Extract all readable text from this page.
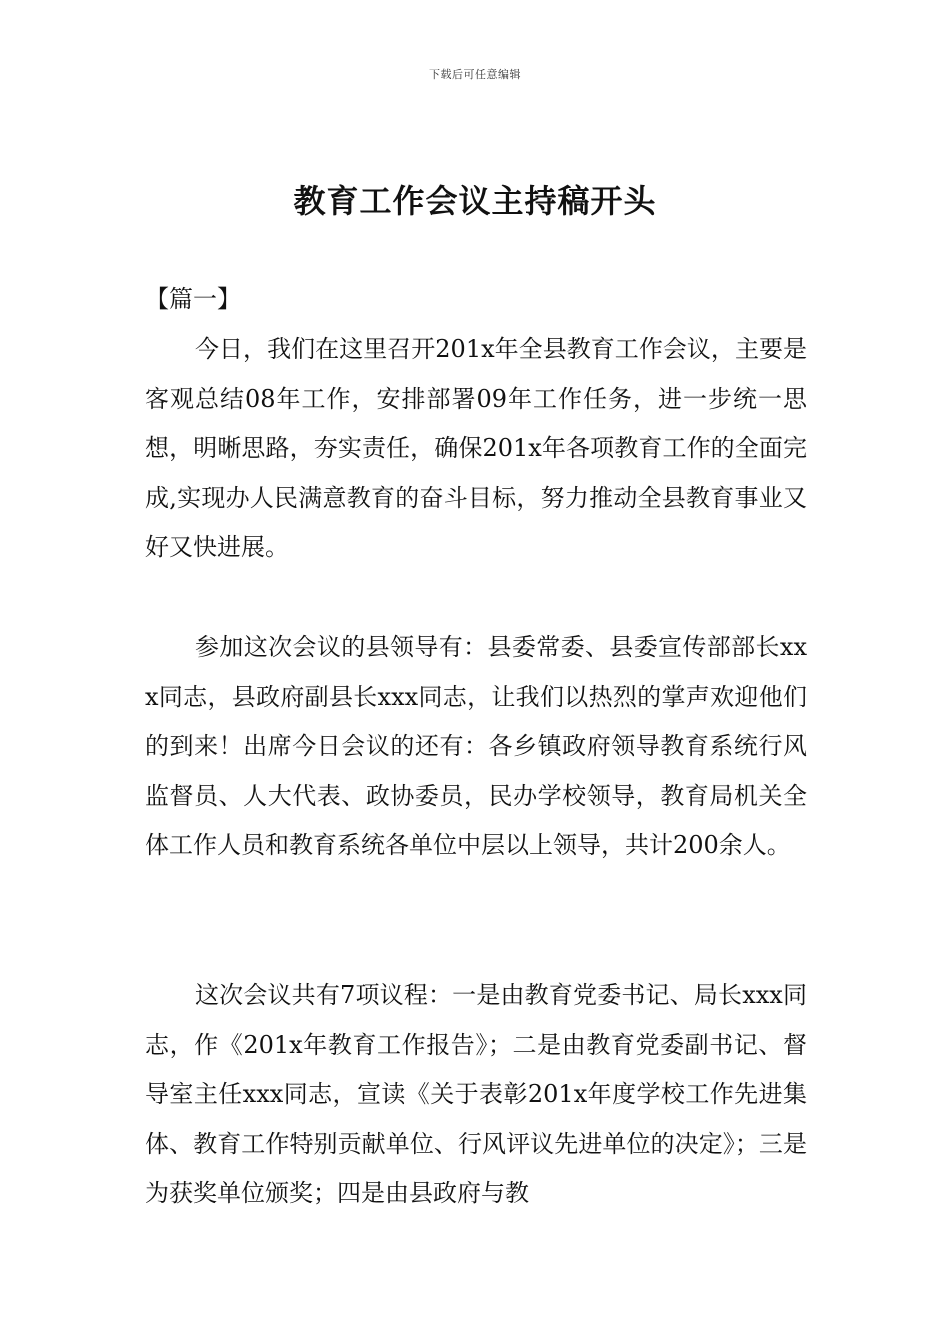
下载后可任意编辑
教育工作会议主持稿开头
【篇一】

今日，我们在这里召开201x年全县教育工作会议，主要是客观总结08年工作，安排部署09年工作任务，进一步统一思想，明晰思路，夯实责任，确保201x年各项教育工作的全面完成,实现办人民满意教育的奋斗目标，努力推动全县教育事业又好又快进展。

参加这次会议的县领导有：县委常委、县委宣传部部长xxx同志，县政府副县长xxx同志，让我们以热烈的掌声欢迎他们的到来！出席今日会议的还有：各乡镇政府领导教育系统行风监督员、人大代表、政协委员，民办学校领导，教育局机关全体工作人员和教育系统各单位中层以上领导，共计200余人。

这次会议共有7项议程：一是由教育党委书记、局长xxx同志，作《201x年教育工作报告》；二是由教育党委副书记、督导室主任xxx同志，宣读《关于表彰201x年度学校工作先进集体、教育工作特别贡献单位、行风评议先进单位的决定》；三是为获奖单位颁奖；四是由县政府与教
